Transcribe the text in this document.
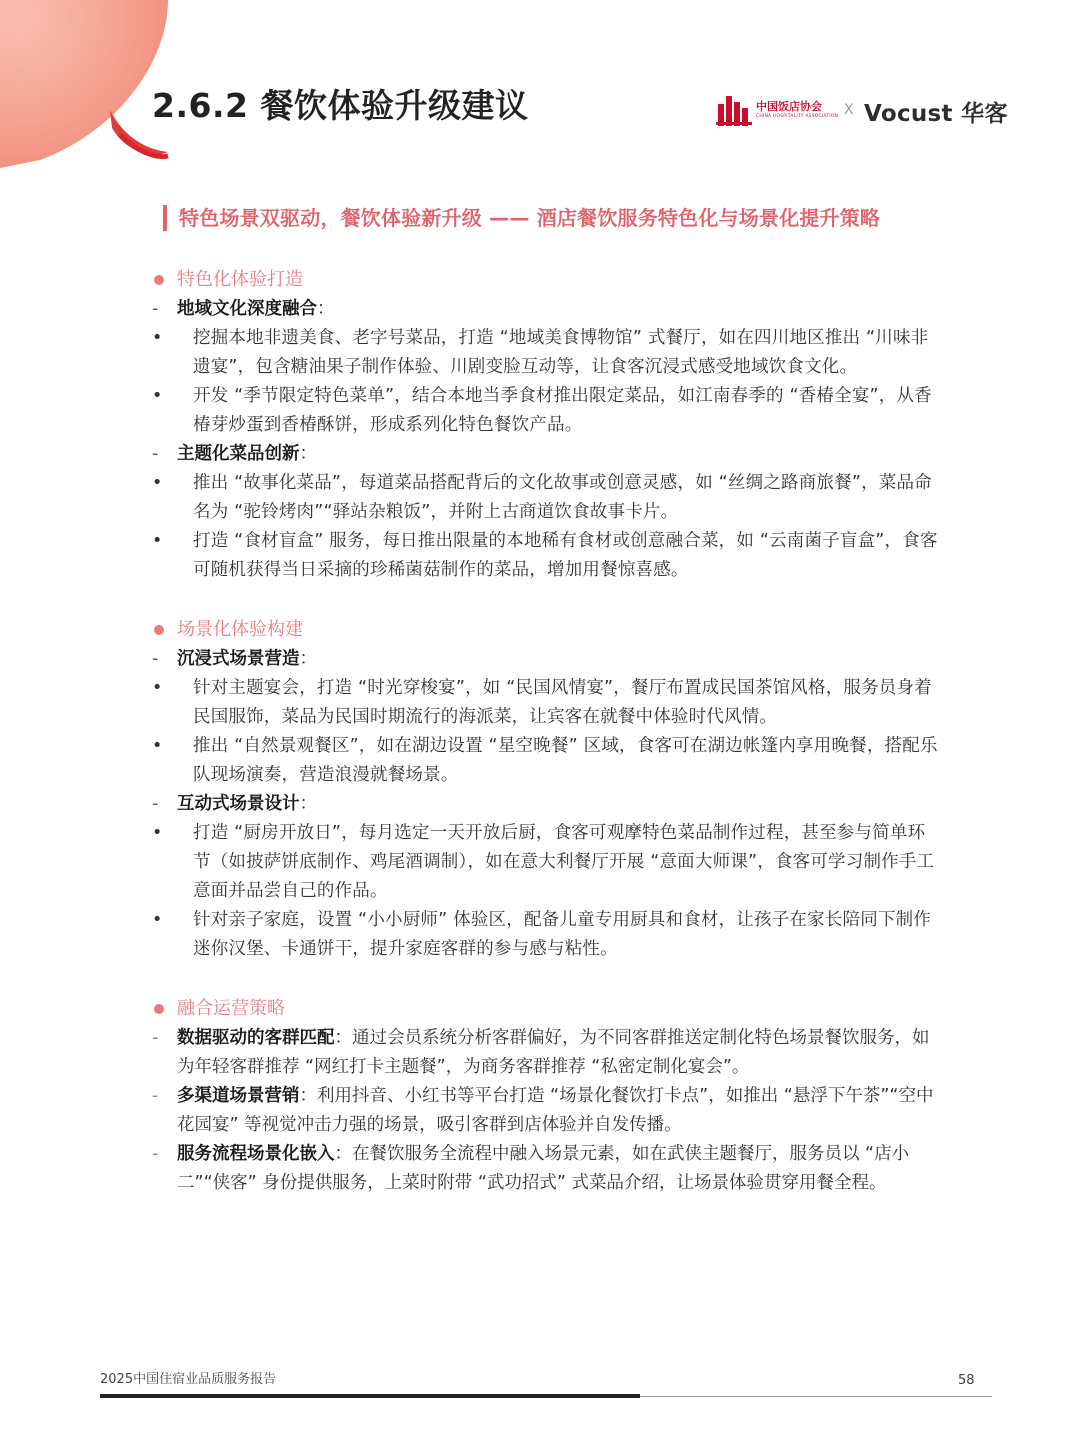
2.6.2 餐饮体验升级建议	中国饭店协会
CHINA HOSPITALITY ASSOCIATION X Vocust 华客
特色场景双驱动，餐饮体验新升级 —— 酒店餐饮服务特色化与场景化提升策略
特色化体验打造
- 地域文化深度融合：
• 挖掘本地非遗美食、老字号菜品，打造 “地域美食博物馆” 式餐厅，如在四川地区推出 “川味非遗宴”，包含糖油果子制作体验、川剧变脸互动等，让食客沉浸式感受地域饮食文化。
• 开发 “季节限定特色菜单”，结合本地当季食材推出限定菜品，如江南春季的 “香椿全宴”，从香椿芽炒蛋到香椿酥饼，形成系列化特色餐饮产品。
- 主题化菜品创新：
• 推出 “故事化菜品”，每道菜品搭配背后的文化故事或创意灵感，如 “丝绸之路商旅餐”，菜品命名为 “驼铃烤肉”“驿站杂粮饭”，并附上古商道饮食故事卡片。
• 打造 “食材盲盒” 服务，每日推出限量的本地稀有食材或创意融合菜，如 “云南菌子盲盒”，食客可随机获得当日采摘的珍稀菌菇制作的菜品，增加用餐惊喜感。
场景化体验构建
- 沉浸式场景营造：
• 针对主题宴会，打造 “时光穿梭宴”，如 “民国风情宴”，餐厅布置成民国茶馆风格，服务员身着民国服饰，菜品为民国时期流行的海派菜，让宾客在就餐中体验时代风情。
• 推出 “自然景观餐区”，如在湖边设置 “星空晚餐” 区域，食客可在湖边帐篷内享用晚餐，搭配乐队现场演奏，营造浪漫就餐场景。
- 互动式场景设计：
• 打造 “厨房开放日”，每月选定一天开放后厨，食客可观摩特色菜品制作过程，甚至参与简单环节（如披萨饼底制作、鸡尾酒调制），如在意大利餐厅开展 “意面大师课”，食客可学习制作手工意面并品尝自己的作品。
• 针对亲子家庭，设置 “小小厨师” 体验区，配备儿童专用厨具和食材，让孩子在家长陪同下制作迷你汉堡、卡通饼干，提升家庭客群的参与感与粘性。
融合运营策略
- 数据驱动的客群匹配：通过会员系统分析客群偏好，为不同客群推送定制化特色场景餐饮服务，如为年轻客群推荐 “网红打卡主题餐”，为商务客群推荐 “私密定制化宴会”。
- 多渠道场景营销：利用抖音、小红书等平台打造 “场景化餐饮打卡点”，如推出 “悬浮下午茶”“空中花园宴” 等视觉冲击力强的场景，吸引客群到店体验并自发传播。
- 服务流程场景化嵌入：在餐饮服务全流程中融入场景元素，如在武侠主题餐厅，服务员以 “店小二”“侠客” 身份提供服务，上菜时附带 “武功招式” 式菜品介绍，让场景体验贯穿用餐全程。
2025中国住宿业品质服务报告	58
